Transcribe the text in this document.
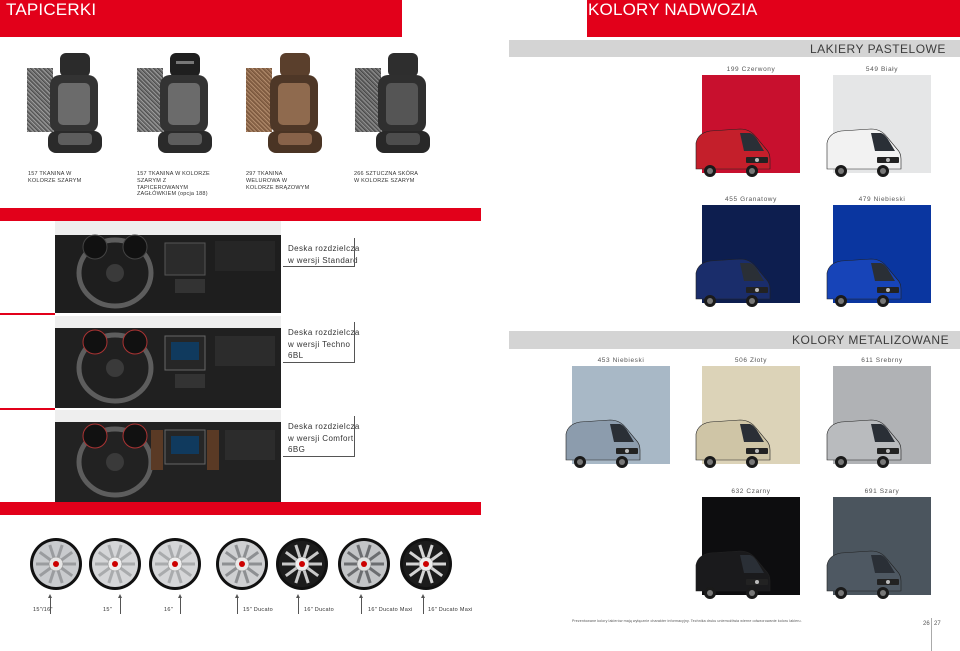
TAPICERKI
157 TKANINA W KOLORZE SZARYM
157 TKANINA W KOLORZE SZARYM Z TAPICEROWANYM ZAGŁÓWKIEM (opcja 188)
297 TKANINA WELUROWA W KOLORZE BRĄZOWYM
266 SZTUCZNA SKÓRA W KOLORZE SZARYM
Deska rozdzielcza
w wersji Standard
Deska rozdzielcza
w wersji Techno
6BL
Deska rozdzielcza
w wersji Comfort
6BG
15"/16"	15"	16"	15" Ducato	16" Ducato	16" Ducato Maxi	16" Ducato Maxi
KOLORY NADWOZIA
LAKIERY PASTELOWE
199 Czerwony	549 Biały
455 Granatowy	479 Niebieski
KOLORY METALIZOWANE
453 Niebieski	506 Złoty	611 Srebrny
632 Czarny	691 Szary
Prezentowane kolory lakierów mają wyłącznie charakter informacyjny. Technika druku uniemożliwia wierne odwzorowanie koloru lakieru.	26 27
